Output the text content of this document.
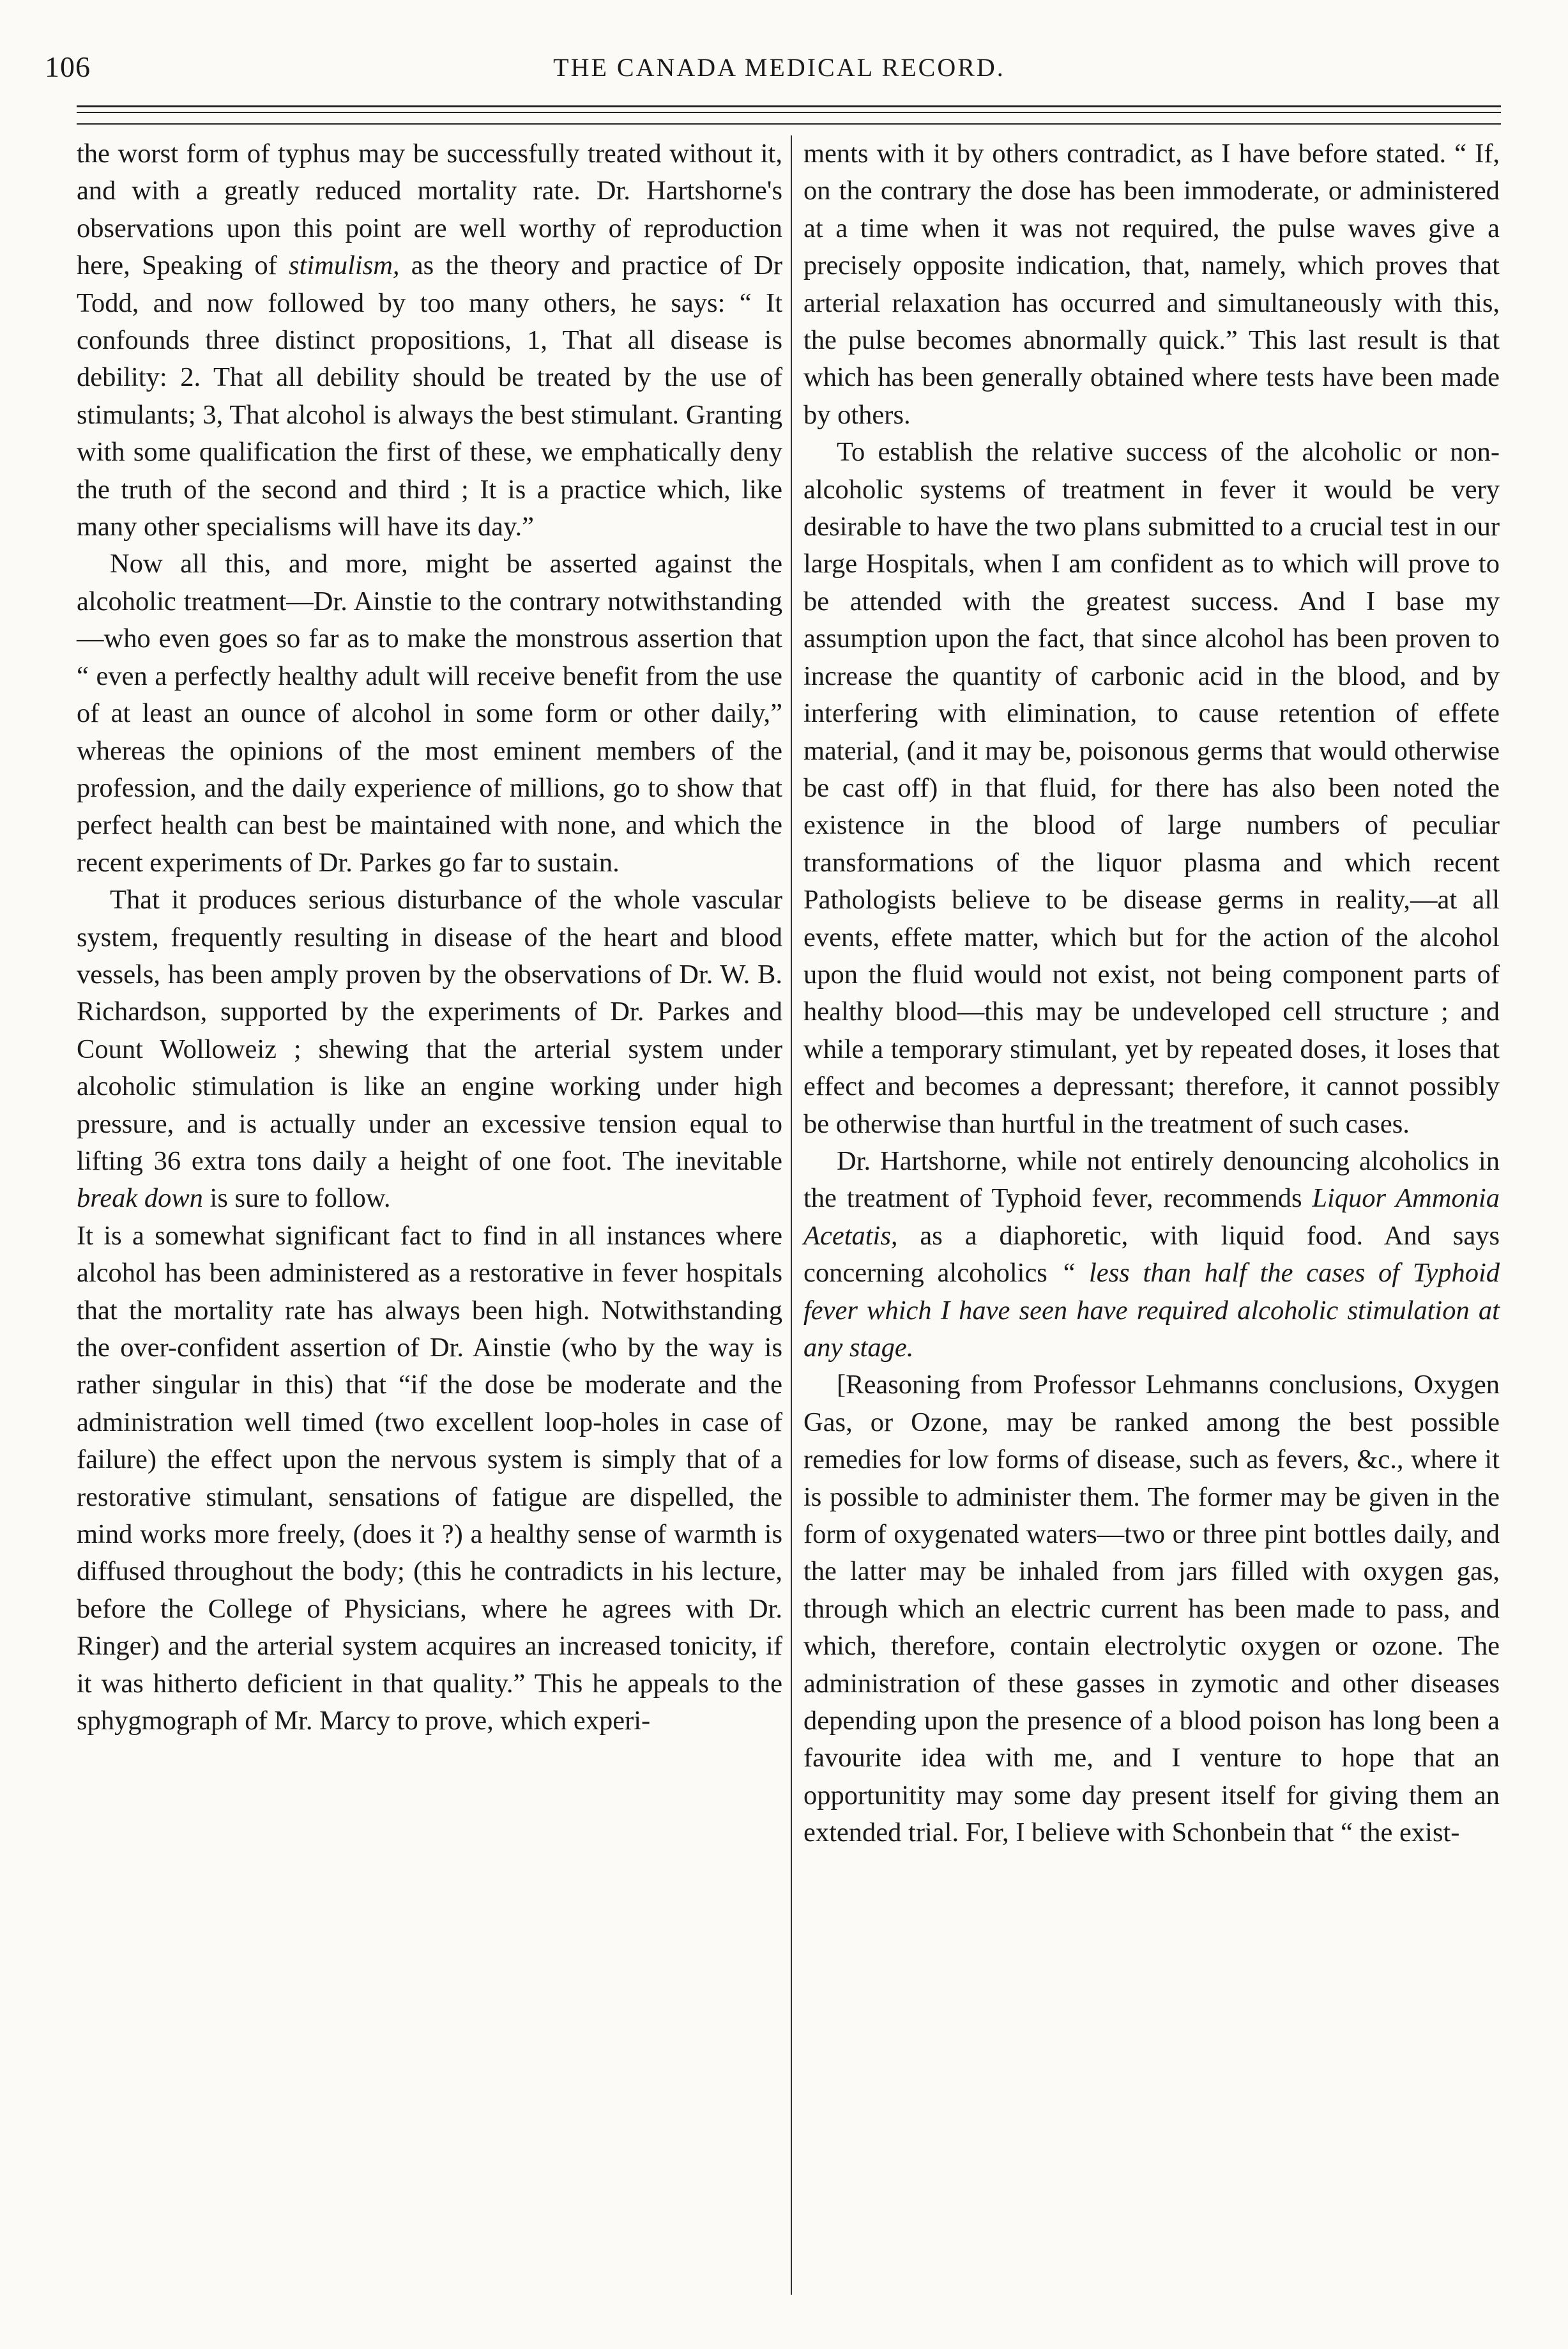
106	THE CANADA MEDICAL RECORD.

the worst form of typhus may be successfully treated without it, and with a greatly reduced mortality rate. Dr. Hartshorne's observations upon this point are well worthy of reproduction here, Speaking of stimulism, as the theory and practice of Dr Todd, and now followed by too many others, he says: “ It confounds three distinct propositions, 1, That all disease is debility: 2. That all debility should be treated by the use of stimulants; 3, That alcohol is always the best stimulant. Granting with some qualification the first of these, we emphatically deny the truth of the second and third ; It is a practice which, like many other specialisms will have its day.”

Now all this, and more, might be asserted against the alcoholic treatment—Dr. Ainstie to the contrary notwithstanding—who even goes so far as to make the monstrous assertion that “ even a perfectly healthy adult will receive benefit from the use of at least an ounce of alcohol in some form or other daily,” whereas the opinions of the most eminent members of the profession, and the daily experience of millions, go to show that perfect health can best be maintained with none, and which the recent experiments of Dr. Parkes go far to sustain.

That it produces serious disturbance of the whole vascular system, frequently resulting in disease of the heart and blood vessels, has been amply proven by the observations of Dr. W. B. Richardson, supported by the experiments of Dr. Parkes and Count Wolloweiz ; shewing that the arterial system under alcoholic stimulation is like an engine working under high pressure, and is actually under an excessive tension equal to lifting 36 extra tons daily a height of one foot. The inevitable break down is sure to follow.

It is a somewhat significant fact to find in all instances where alcohol has been administered as a restorative in fever hospitals that the mortality rate has always been high. Notwithstanding the over-confident assertion of Dr. Ainstie (who by the way is rather singular in this) that “if the dose be moderate and the administration well timed (two excellent loop-holes in case of failure) the effect upon the nervous system is simply that of a restorative stimulant, sensations of fatigue are dispelled, the mind works more freely, (does it ?) a healthy sense of warmth is diffused throughout the body; (this he contradicts in his lecture, before the College of Physicians, where he agrees with Dr. Ringer) and the arterial system acquires an increased tonicity, if it was hitherto deficient in that quality.” This he appeals to the sphygmograph of Mr. Marcy to prove, which experi-

ments with it by others contradict, as I have before stated. “ If, on the contrary the dose has been immoderate, or administered at a time when it was not required, the pulse waves give a precisely opposite indication, that, namely, which proves that arterial relaxation has occurred and simultaneously with this, the pulse becomes abnormally quick.” This last result is that which has been generally obtained where tests have been made by others.

To establish the relative success of the alcoholic or non-alcoholic systems of treatment in fever it would be very desirable to have the two plans submitted to a crucial test in our large Hospitals, when I am confident as to which will prove to be attended with the greatest success. And I base my assumption upon the fact, that since alcohol has been proven to increase the quantity of carbonic acid in the blood, and by interfering with elimination, to cause retention of effete material, (and it may be, poisonous germs that would otherwise be cast off) in that fluid, for there has also been noted the existence in the blood of large numbers of peculiar transformations of the liquor plasma and which recent Pathologists believe to be disease germs in reality,—at all events, effete matter, which but for the action of the alcohol upon the fluid would not exist, not being component parts of healthy blood—this may be undeveloped cell structure ; and while a temporary stimulant, yet by repeated doses, it loses that effect and becomes a depressant; therefore, it cannot possibly be otherwise than hurtful in the treatment of such cases.

Dr. Hartshorne, while not entirely denouncing alcoholics in the treatment of Typhoid fever, recommends Liquor Ammonia Acetatis, as a diaphoretic, with liquid food. And says concerning alcoholics “ less than half the cases of Typhoid fever which I have seen have required alcoholic stimulation at any stage.

[Reasoning from Professor Lehmanns conclusions, Oxygen Gas, or Ozone, may be ranked among the best possible remedies for low forms of disease, such as fevers, &c., where it is possible to administer them. The former may be given in the form of oxygenated waters—two or three pint bottles daily, and the latter may be inhaled from jars filled with oxygen gas, through which an electric current has been made to pass, and which, therefore, contain electrolytic oxygen or ozone. The administration of these gasses in zymotic and other diseases depending upon the presence of a blood poison has long been a favourite idea with me, and I venture to hope that an opportunitity may some day present itself for giving them an extended trial. For, I believe with Schonbein that “ the exist-
